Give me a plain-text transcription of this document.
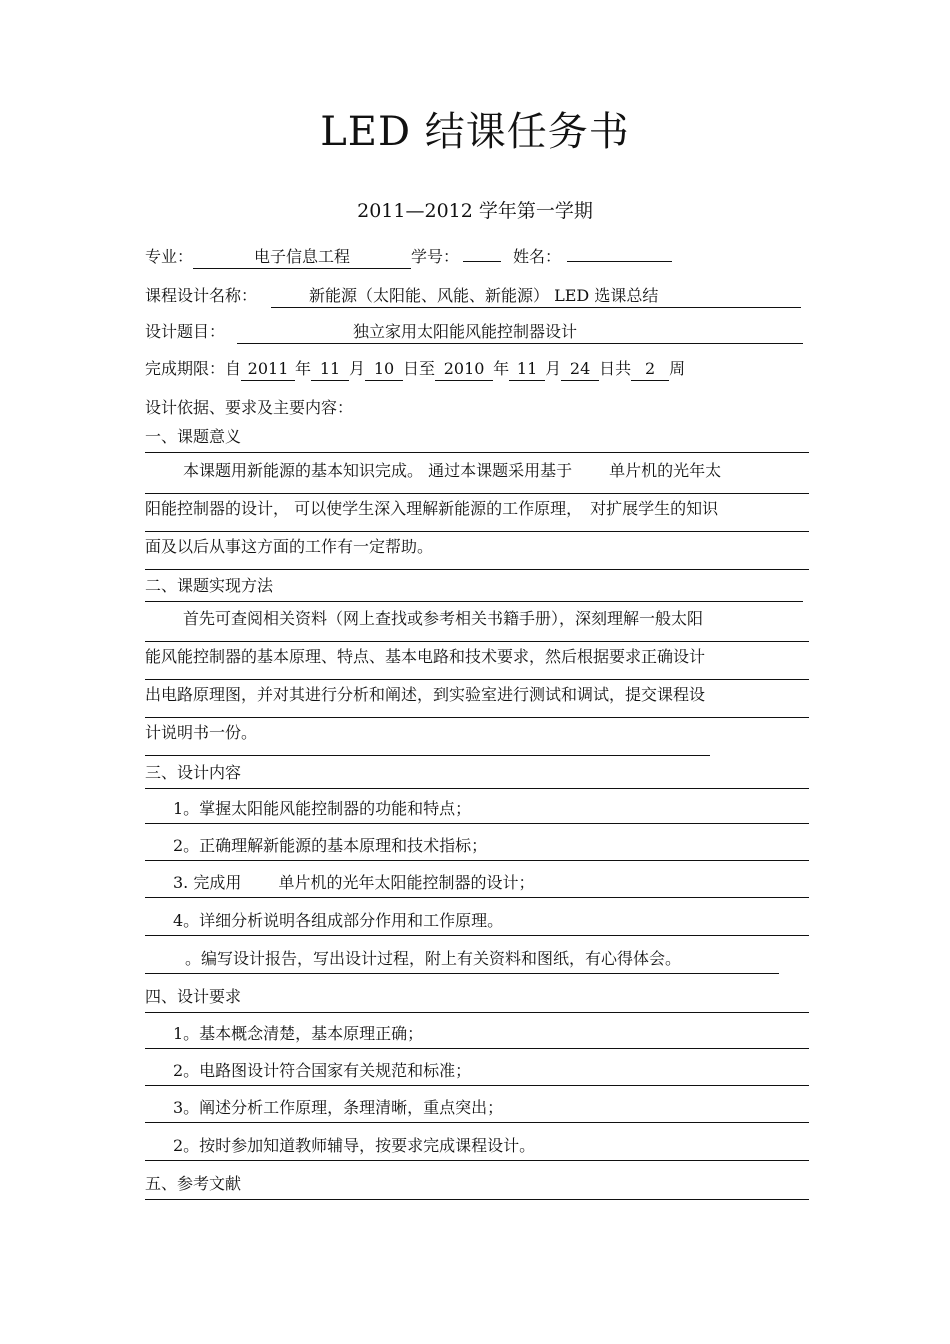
LED 结课任务书
2011—2012 学年第一学期
专业：	电子信息工程	学号：	姓名：
课程设计名称：	新能源（太阳能、风能、新能源） LED 选课总结
设计题目：	独立家用太阳能风能控制器设计
完成期限：自 2011 年 11 月 10 日至 2010 年 11 月 24 日共 2 周
设计依据、要求及主要内容：
一、课题意义
本课题用新能源的基本知识完成。 通过本课题采用基于　　 单片机的光年太
阳能控制器的设计， 可以使学生深入理解新能源的工作原理，　对扩展学生的知识
面及以后从事这方面的工作有一定帮助。
二、课题实现方法
首先可查阅相关资料（网上查找或参考相关书籍手册），深刻理解一般太阳
能风能控制器的基本原理、特点、基本电路和技术要求，然后根据要求正确设计
出电路原理图，并对其进行分析和阐述，到实验室进行测试和调试，提交课程设
计说明书一份。
三、设计内容
1。掌握太阳能风能控制器的功能和特点；
2。正确理解新能源的基本原理和技术指标；
3. 完成用　　 单片机的光年太阳能控制器的设计；
4。详细分析说明各组成部分作用和工作原理。
。编写设计报告，写出设计过程，附上有关资料和图纸，有心得体会。
四、设计要求
1。基本概念清楚，基本原理正确；
2。电路图设计符合国家有关规范和标准；
3。阐述分析工作原理，条理清晰，重点突出；
2。按时参加知道教师辅导，按要求完成课程设计。
五、参考文献
